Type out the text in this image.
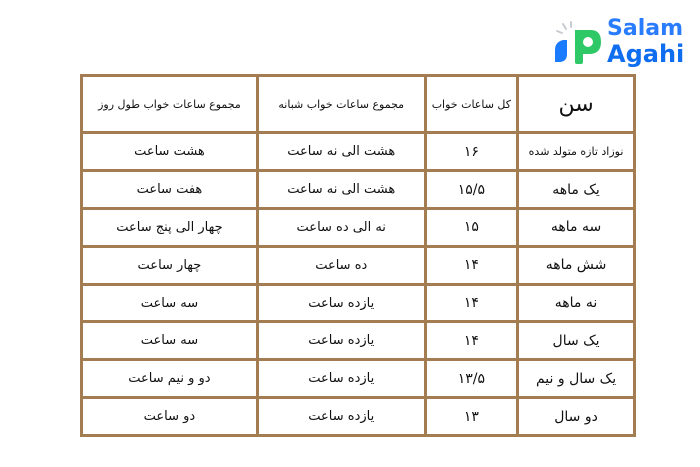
Salam
Agahi
مجموع ساعات خواب طول روز	مجموع ساعات خواب شبانه	کل ساعات خواب	سن
هشت ساعت	هشت الی نه ساعت	۱۶	نوزاد تازه متولد شده
هفت ساعت	هشت الی نه ساعت	۱۵/۵	یک ماهه
چهار الی پنج ساعت	نه الی ده ساعت	۱۵	سه ماهه
چهار ساعت	ده ساعت	۱۴	شش ماهه
سه ساعت	یازده ساعت	۱۴	نه ماهه
سه ساعت	یازده ساعت	۱۴	یک سال
دو و نیم ساعت	یازده ساعت	۱۳/۵	یک سال و نیم
دو ساعت	یازده ساعت	۱۳	دو سال
